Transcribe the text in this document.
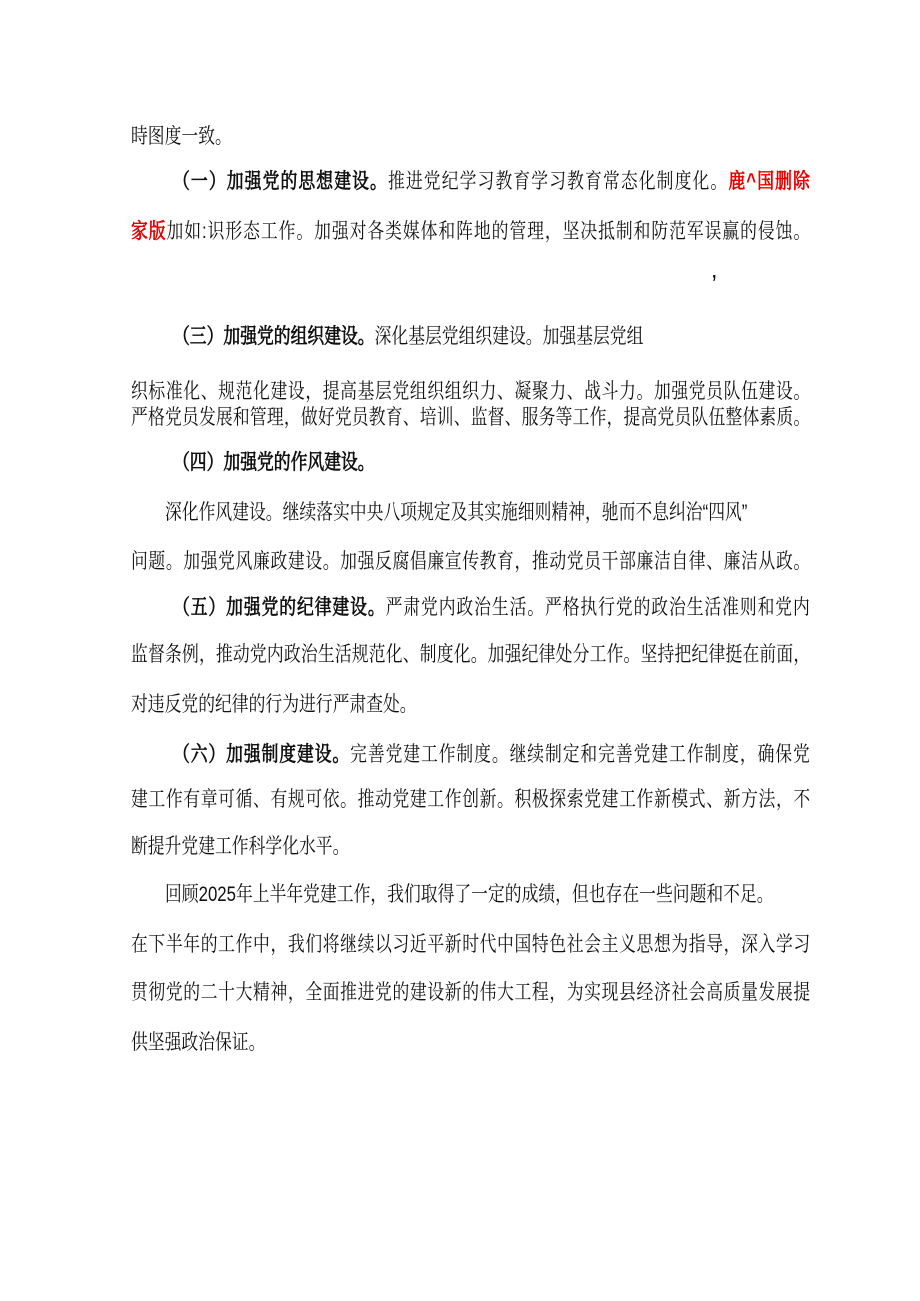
時图度一致。
（一）加强党的思想建设。推进党纪学习教育学习教育常态化制度化。鹿^国删除
家版加如:识形态工作。加强对各类媒体和阵地的管理，坚决抵制和防范军误赢的侵蚀。
’
（三）加强党的组织建设。深化基层党组织建设。加强基层党组
织标准化、规范化建设，提高基层党组织组织力、凝聚力、战斗力。加强党员队伍建设。
严格党员发展和管理，做好党员教育、培训、监督、服务等工作，提高党员队伍整体素质。
（四）加强党的作风建设。
深化作风建设。继续落实中央八项规定及其实施细则精神，驰而不息纠治“四风”
问题。加强党风廉政建设。加强反腐倡廉宣传教育，推动党员干部廉洁自律、廉洁从政。
（五）加强党的纪律建设。严肃党内政治生活。严格执行党的政治生活准则和党内
监督条例，推动党内政治生活规范化、制度化。加强纪律处分工作。坚持把纪律挺在前面，
对违反党的纪律的行为进行严肃查处。
（六）加强制度建设。完善党建工作制度。继续制定和完善党建工作制度，确保党
建工作有章可循、有规可依。推动党建工作创新。积极探索党建工作新模式、新方法，不
断提升党建工作科学化水平。
回顾2025年上半年党建工作，我们取得了一定的成绩，但也存在一些问题和不足。
在下半年的工作中，我们将继续以习近平新时代中国特色社会主义思想为指导，深入学习
贯彻党的二十大精神，全面推进党的建设新的伟大工程，为实现县经济社会高质量发展提
供坚强政治保证。
